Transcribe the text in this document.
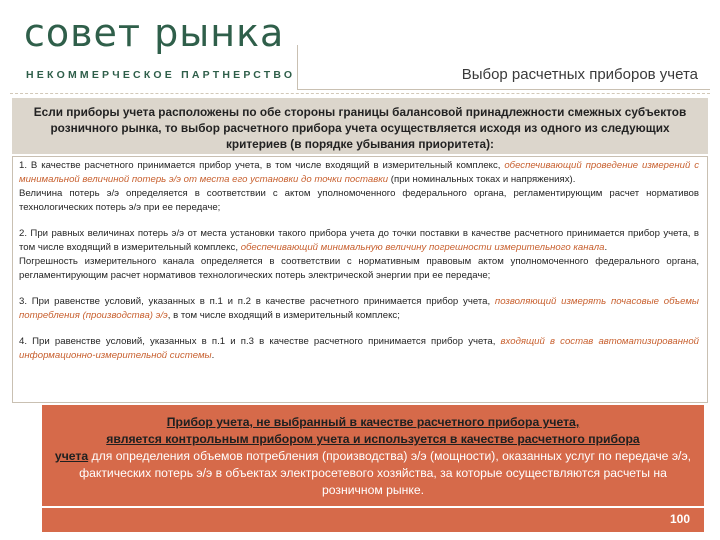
совет рынка
НЕКОММЕРЧЕСКОЕ ПАРТНЕРСТВО	Выбор расчетных приборов учета
Если приборы учета расположены по обе стороны границы балансовой принадлежности смежных субъектов розничного рынка, то выбор расчетного прибора учета осуществляется исходя из одного из следующих критериев (в порядке убывания приоритета):

1. В качестве расчетного принимается прибор учета, в том числе входящий в измерительный комплекс, обеспечивающий проведение измерений с минимальной величиной потерь э/э от места его установки до точки поставки (при номинальных токах и напряжениях).
Величина потерь э/э определяется в соответствии с актом уполномоченного федерального органа, регламентирующим расчет нормативов технологических потерь э/э при ее передаче;

2. При равных величинах потерь э/э от места установки такого прибора учета до точки поставки в качестве расчетного принимается прибор учета, в том числе входящий в измерительный комплекс, обеспечивающий минимальную величину погрешности измерительного канала.
Погрешность измерительного канала определяется в соответствии с нормативным правовым актом уполномоченного федерального органа, регламентирующим расчет нормативов технологических потерь электрической энергии при ее передаче;

3. При равенстве условий, указанных в п.1 и п.2 в качестве расчетного принимается прибор учета, позволяющий измерять почасовые объемы потребления (производства) э/э, в том числе входящий в измерительный комплекс;

4. При равенстве условий, указанных в п.1 и п.3 в качестве расчетного принимается прибор учета, входящий в состав автоматизированной информационно-измерительной системы.

Прибор учета, не выбранный в качестве расчетного прибора учета,
является контрольным прибором учета и используется в качестве расчетного прибора
учета для определения объемов потребления (производства) э/э (мощности), оказанных услуг по передаче э/э, фактических потерь э/э в объектах электросетевого хозяйства, за которые осуществляются расчеты на розничном рынке.
100
